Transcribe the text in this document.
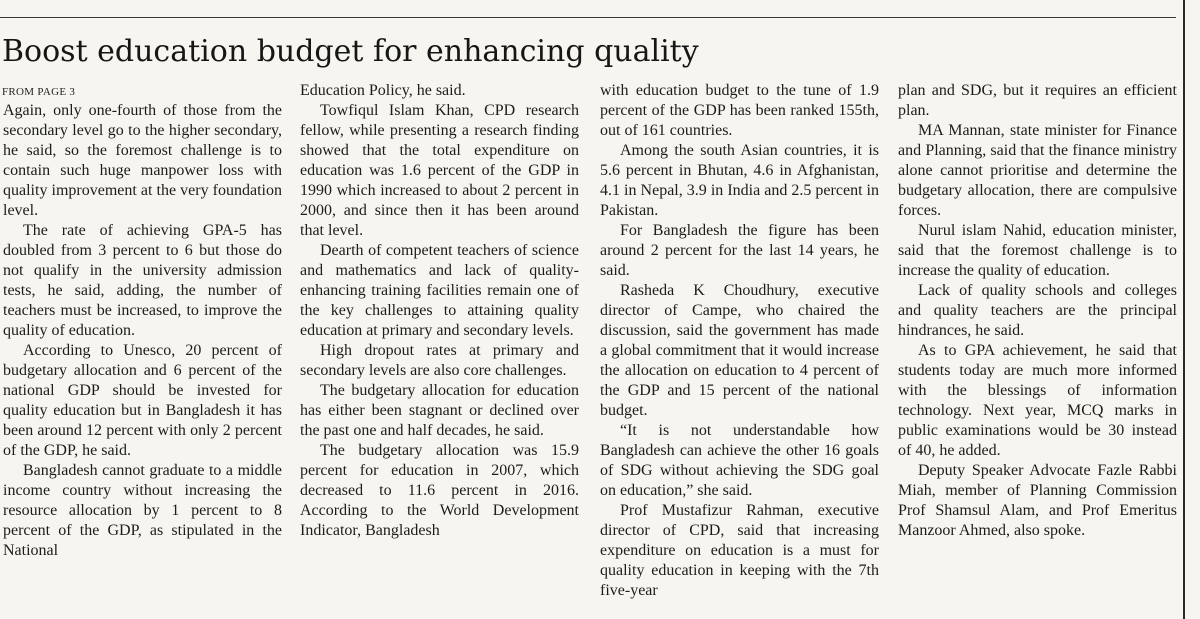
Boost education budget for enhancing quality
FROM PAGE 3

Again, only one-fourth of those from the secondary level go to the higher secondary, he said, so the foremost challenge is to contain such huge manpower loss with quality improvement at the very foundation level.

The rate of achieving GPA-5 has doubled from 3 percent to 6 but those do not qualify in the university admission tests, he said, adding, the number of teachers must be increased, to improve the quality of education.

According to Unesco, 20 percent of budgetary allocation and 6 percent of the national GDP should be invested for quality education but in Bangladesh it has been around 12 percent with only 2 percent of the GDP, he said.

Bangladesh cannot graduate to a middle income country without increasing the resource allocation by 1 percent to 8 percent of the GDP, as stipulated in the National

Education Policy, he said.

Towfiqul Islam Khan, CPD research fellow, while presenting a research finding showed that the total expenditure on education was 1.6 percent of the GDP in 1990 which increased to about 2 percent in 2000, and since then it has been around that level.

Dearth of competent teachers of science and mathematics and lack of quality-enhancing training facilities remain one of the key challenges to attaining quality education at primary and secondary levels.

High dropout rates at primary and secondary levels are also core challenges.

The budgetary allocation for education has either been stagnant or declined over the past one and half decades, he said.

The budgetary allocation was 15.9 percent for education in 2007, which decreased to 11.6 percent in 2016. According to the World Development Indicator, Bangladesh

with education budget to the tune of 1.9 percent of the GDP has been ranked 155th, out of 161 countries.

Among the south Asian countries, it is 5.6 percent in Bhutan, 4.6 in Afghanistan, 4.1 in Nepal, 3.9 in India and 2.5 percent in Pakistan.

For Bangladesh the figure has been around 2 percent for the last 14 years, he said.

Rasheda K Choudhury, executive director of Campe, who chaired the discussion, said the government has made a global commitment that it would increase the allocation on education to 4 percent of the GDP and 15 percent of the national budget.

“It is not understandable how Bangladesh can achieve the other 16 goals of SDG without achieving the SDG goal on education,” she said.

Prof Mustafizur Rahman, executive director of CPD, said that increasing expenditure on education is a must for quality education in keeping with the 7th five-year

plan and SDG, but it requires an efficient plan.

MA Mannan, state minister for Finance and Planning, said that the finance ministry alone cannot prioritise and determine the budgetary allocation, there are compulsive forces.

Nurul islam Nahid, education minister, said that the foremost challenge is to increase the quality of education.

Lack of quality schools and colleges and quality teachers are the principal hindrances, he said.

As to GPA achievement, he said that students today are much more informed with the blessings of information technology. Next year, MCQ marks in public examinations would be 30 instead of 40, he added.

Deputy Speaker Advocate Fazle Rabbi Miah, member of Planning Commission Prof Shamsul Alam, and Prof Emeritus Manzoor Ahmed, also spoke.
